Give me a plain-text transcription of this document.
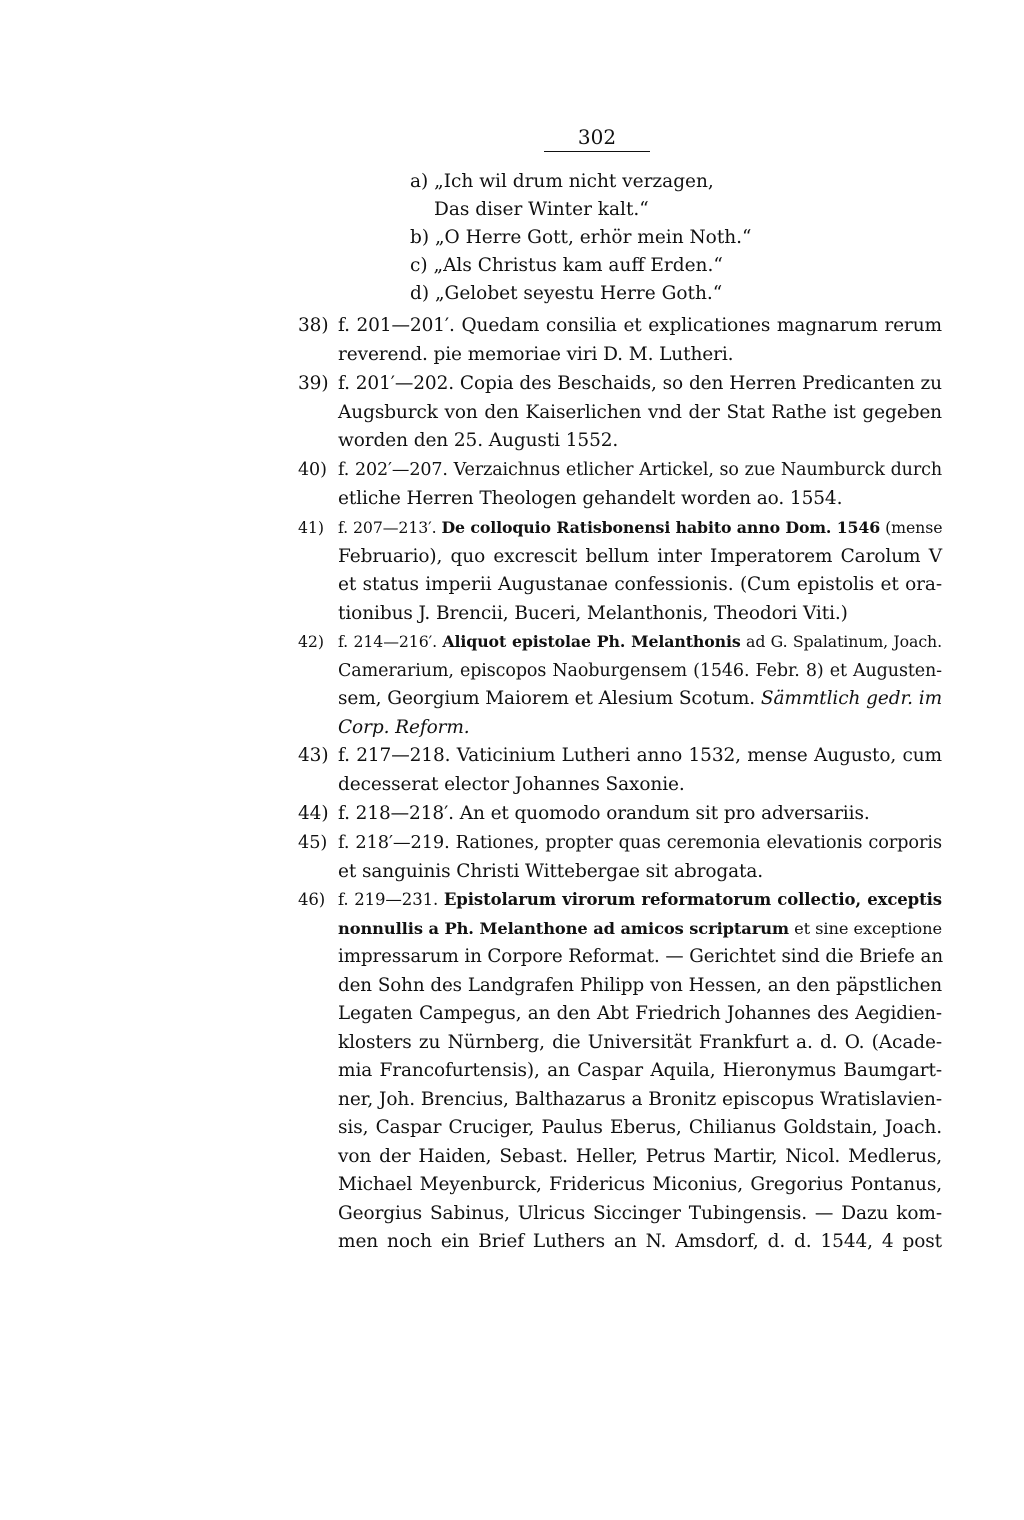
302
a) „Ich wil drum nicht verzagen,
Das diser Winter kalt.“
b) „O Herre Gott, erhör mein Noth.“
c) „Als Christus kam auff Erden.“
d) „Gelobet seyestu Herre Goth.“
38) f. 201—201′. Quedam consilia et explicationes magnarum rerum
reverend. pie memoriae viri D. M. Lutheri.
39) f. 201′—202. Copia des Beschaids, so den Herren Predicanten zu
Augsburck von den Kaiserlichen vnd der Stat Rathe ist gegeben
worden den 25. Augusti 1552.
40) f. 202′—207. Verzaichnus etlicher Artickel, so zue Naumburck durch
etliche Herren Theologen gehandelt worden ao. 1554.
41) f. 207—213′. De colloquio Ratisbonensi habito anno Dom. 1546 (mense
Februario), quo excrescit bellum inter Imperatorem Carolum V
et status imperii Augustanae confessionis. (Cum epistolis et ora-
tionibus J. Brencii, Buceri, Melanthonis, Theodori Viti.)
42) f. 214—216′. Aliquot epistolae Ph. Melanthonis ad G. Spalatinum, Joach.
Camerarium, episcopos Naoburgensem (1546. Febr. 8) et Augusten-
sem, Georgium Maiorem et Alesium Scotum. Sämmtlich gedr. im
Corp. Reform.
43) f. 217—218. Vaticinium Lutheri anno 1532, mense Augusto, cum
decesserat elector Johannes Saxonie.
44) f. 218—218′. An et quomodo orandum sit pro adversariis.
45) f. 218′—219. Rationes, propter quas ceremonia elevationis corporis
et sanguinis Christi Wittebergae sit abrogata.
46) f. 219—231. Epistolarum virorum reformatorum collectio, exceptis
nonnullis a Ph. Melanthone ad amicos scriptarum et sine exceptione
impressarum in Corpore Reformat. — Gerichtet sind die Briefe an
den Sohn des Landgrafen Philipp von Hessen, an den päpstlichen
Legaten Campegus, an den Abt Friedrich Johannes des Aegidien-
klosters zu Nürnberg, die Universität Frankfurt a. d. O. (Acade-
mia Francofurtensis), an Caspar Aquila, Hieronymus Baumgart-
ner, Joh. Brencius, Balthazarus a Bronitz episcopus Wratislavien-
sis, Caspar Cruciger, Paulus Eberus, Chilianus Goldstain, Joach.
von der Haiden, Sebast. Heller, Petrus Martir, Nicol. Medlerus,
Michael Meyenburck, Fridericus Miconius, Gregorius Pontanus,
Georgius Sabinus, Ulricus Siccinger Tubingensis. — Dazu kom-
men noch ein Brief Luthers an N. Amsdorf, d. d. 1544, 4 post
